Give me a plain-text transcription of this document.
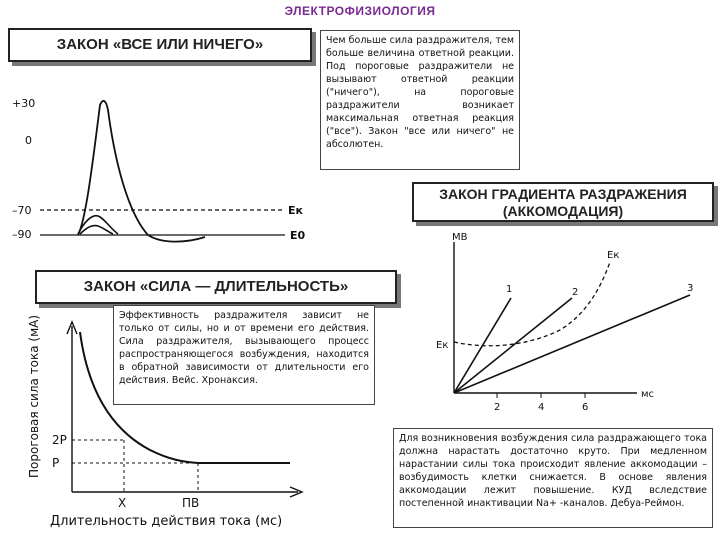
ЭЛЕКТРОФИЗИОЛОГИЯ
ЗАКОН «ВСЕ ИЛИ НИЧЕГО»	Чем больше сила раздражителя, тем больше величина ответной реакции. Под пороговые раздражители не вызывают ответной реакции ("ничего"), на пороговые раздражители возникает максимальная ответная реакция ("все"). Закон "все или ничего" не абсолютен.
ЗАКОН ГРАДИЕНТА РАЗДРАЖЕНИЯ
(АККОМОДАЦИЯ)
ЗАКОН «СИЛА — ДЛИТЕЛЬНОСТЬ»
+30
0
–70
–90
Ек
Е0	МВ
мс
2	4	6
Ек
Ек
1	2	3
Пороговая сила тока (мА)
Длительность действия тока (мс)
2Р
Р
Х	ПВ
Эффективность раздражителя зависит не только от силы, но и от времени его действия. Сила раздражителя, вызывающего процесс распространяющегося возбуждения, находится в обратной зависимости от длительности его действия. Вейс. Хронаксия.
Для возникновения возбуждения сила раздражающего тока должна нарастать достаточно круто. При медленном нарастании силы тока происходит явление аккомодации – возбудимость клетки снижается. В основе явления аккомодации лежит повышение. КУД вследствие постепенной инактивации Na+ -каналов. Дебуа-Реймон.
